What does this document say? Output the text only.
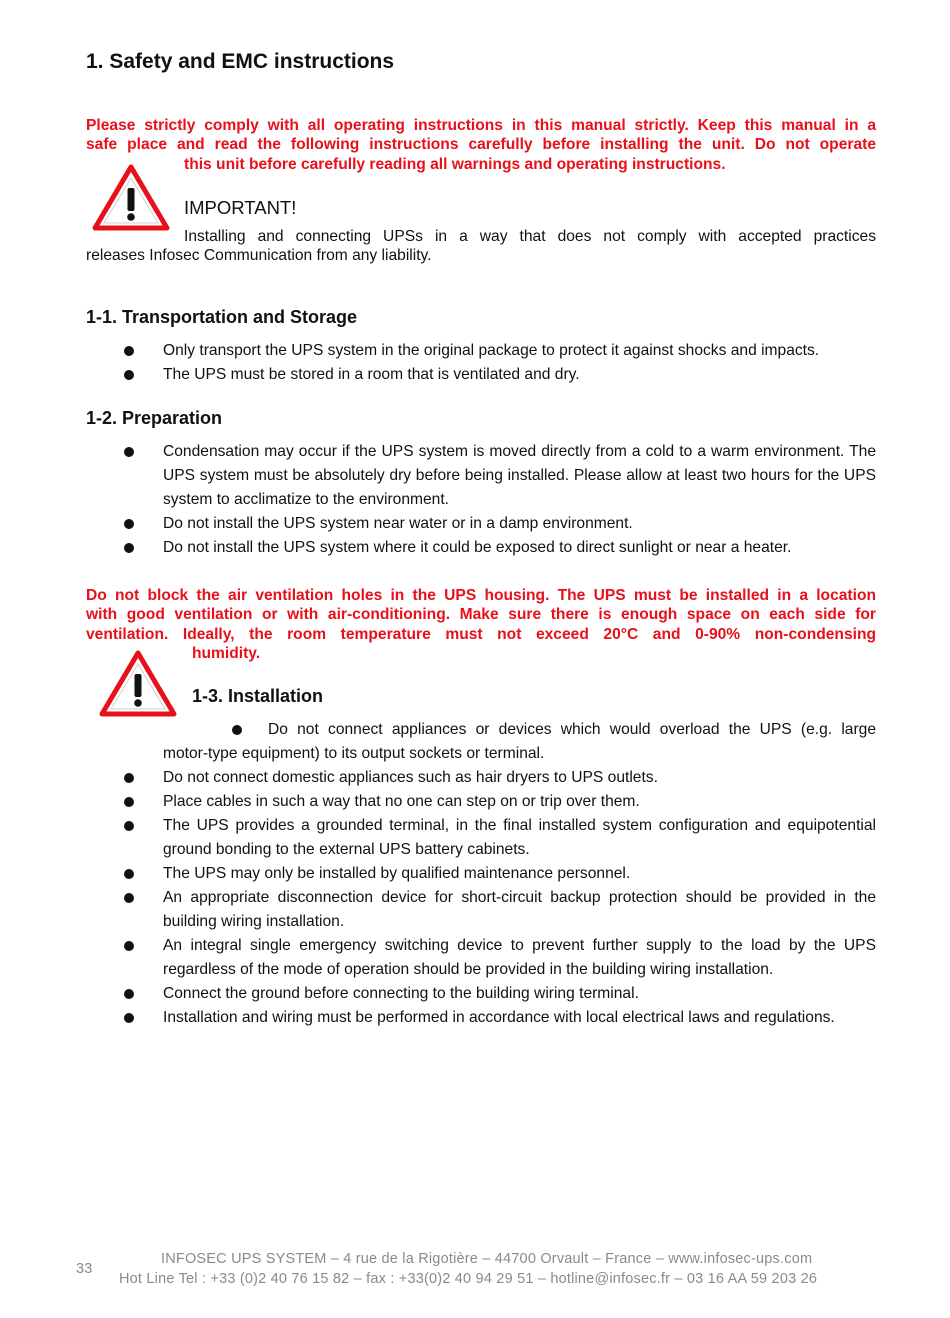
1. Safety and EMC instructions
Please strictly comply with all operating instructions in this manual strictly. Keep this manual in a
safe place and read the following instructions carefully before installing the unit. Do not operate
this unit before carefully reading all warnings and operating instructions.
IMPORTANT!
Installing and connecting UPSs in a way that does not comply with accepted practices
releases Infosec Communication from any liability.
1-1. Transportation and Storage
Only transport the UPS system in the original package to protect it against shocks and impacts.
The UPS must be stored in a room that is ventilated and dry.
1-2. Preparation
Condensation may occur if the UPS system is moved directly from a cold to a warm environment. The UPS system must be absolutely dry before being installed. Please allow at least two hours for the UPS system to acclimatize to the environment.
Do not install the UPS system near water or in a damp environment.
Do not install the UPS system where it could be exposed to direct sunlight or near a heater.
Do not block the air ventilation holes in the UPS housing. The UPS must be installed in a location
with good ventilation or with air-conditioning. Make sure there is enough space on each side for
ventilation. Ideally, the room temperature must not exceed 20°C and 0-90% non-condensing
humidity.
1-3. Installation
Do not connect appliances or devices which would overload the UPS (e.g. large
motor-type equipment) to its output sockets or terminal.
Do not connect domestic appliances such as hair dryers to UPS outlets.
Place cables in such a way that no one can step on or trip over them.
The UPS provides a grounded terminal, in the final installed system configuration and equipotential ground bonding to the external UPS battery cabinets.
The UPS may only be installed by qualified maintenance personnel.
An appropriate disconnection device for short-circuit backup protection should be provided in the building wiring installation.
An integral single emergency switching device to prevent further supply to the load by the UPS regardless of the mode of operation should be provided in the building wiring installation.
Connect the ground before connecting to the building wiring terminal.
Installation and wiring must be performed in accordance with local electrical laws and regulations.
33
INFOSEC UPS SYSTEM – 4 rue de la Rigotière – 44700 Orvault – France – www.infosec-ups.com
Hot Line Tel : +33 (0)2 40 76 15 82 – fax : +33(0)2 40 94 29 51 – hotline@infosec.fr – 03 16 AA 59 203 26
